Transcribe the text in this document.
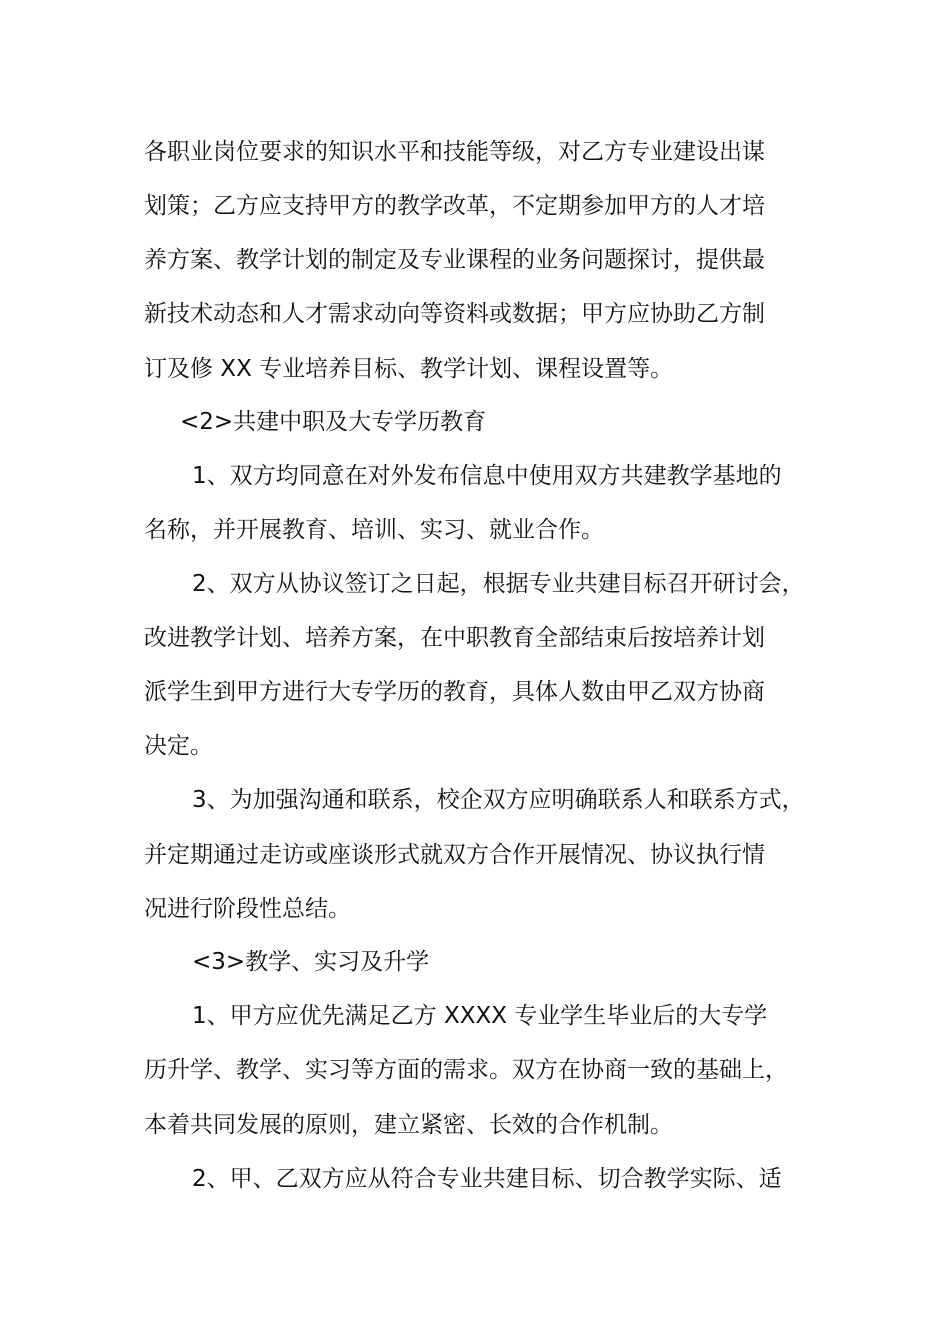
各职业岗位要求的知识水平和技能等级，对乙方专业建设出谋
划策；乙方应支持甲方的教学改革，不定期参加甲方的人才培
养方案、教学计划的制定及专业课程的业务问题探讨，提供最
新技术动态和人才需求动向等资料或数据；甲方应协助乙方制
订及修 XX 专业培养目标、教学计划、课程设置等。
<2>共建中职及大专学历教育
1、双方均同意在对外发布信息中使用双方共建教学基地的
名称，并开展教育、培训、实习、就业合作。
2、双方从协议签订之日起，根据专业共建目标召开研讨会，
改进教学计划、培养方案，在中职教育全部结束后按培养计划
派学生到甲方进行大专学历的教育，具体人数由甲乙双方协商
决定。
3、为加强沟通和联系，校企双方应明确联系人和联系方式，
并定期通过走访或座谈形式就双方合作开展情况、协议执行情
况进行阶段性总结。
<3>教学、实习及升学
1、甲方应优先满足乙方 XXXX 专业学生毕业后的大专学
历升学、教学、实习等方面的需求。双方在协商一致的基础上，
本着共同发展的原则，建立紧密、长效的合作机制。
2、甲、乙双方应从符合专业共建目标、切合教学实际、适
